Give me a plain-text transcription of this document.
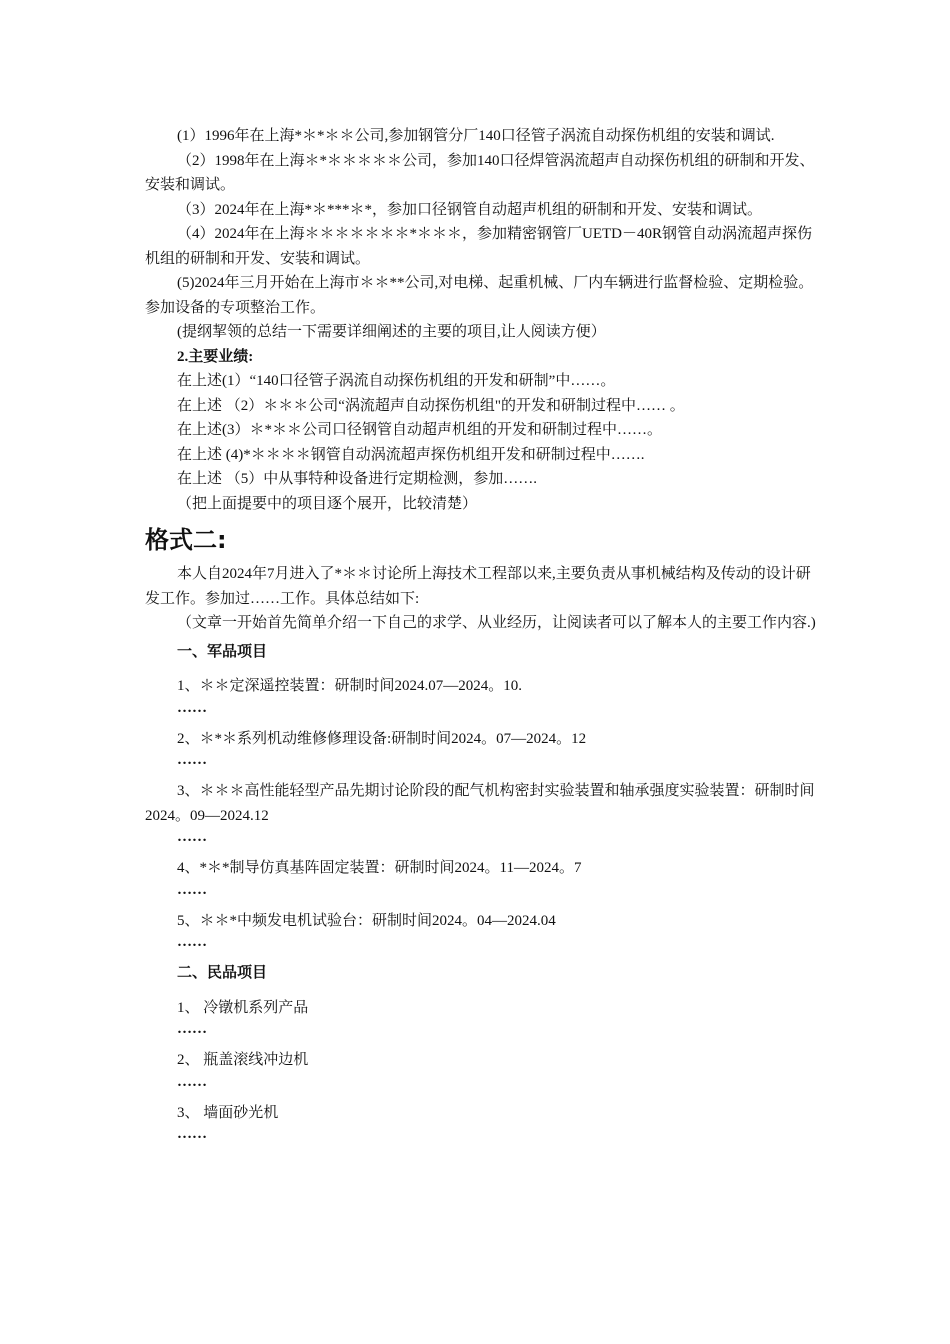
(1）1996年在上海*＊*＊＊公司,参加钢管分厂140口径管子涡流自动探伤机组的安装和调试.

（2）1998年在上海＊*＊＊＊＊＊公司，参加140口径焊管涡流超声自动探伤机组的研制和开发、安装和调试。

（3）2024年在上海*＊***＊*，参加口径钢管自动超声机组的研制和开发、安装和调试。

（4）2024年在上海＊＊＊＊＊＊＊*＊＊＊，参加精密钢管厂UETD－40R钢管自动涡流超声探伤机组的研制和开发、安装和调试。

(5)2024年三月开始在上海市＊＊**公司,对电梯、起重机械、厂内车辆进行监督检验、定期检验。参加设备的专项整治工作。

(提纲挈领的总结一下需要详细阐述的主要的项目,让人阅读方便）

2.主要业绩:

在上述(1）“140口径管子涡流自动探伤机组的开发和研制”中……。

在上述 （2）＊＊＊公司“涡流超声自动探伤机组"的开发和研制过程中…… 。

在上述(3）＊*＊＊公司口径钢管自动超声机组的开发和研制过程中……。

在上述 (4)*＊＊＊＊钢管自动涡流超声探伤机组开发和研制过程中…….

在上述 （5）中从事特种设备进行定期检测，参加…….

（把上面提要中的项目逐个展开，比较清楚）

格式二:

本人自2024年7月进入了*＊＊讨论所上海技术工程部以来,主要负责从事机械结构及传动的设计研发工作。参加过……工作。具体总结如下:

（文章一开始首先简单介绍一下自己的求学、从业经历，让阅读者可以了解本人的主要工作内容.)

一、军品项目

1、＊＊定深遥控装置：研制时间2024.07—2024。10.

……

2、＊*＊系列机动维修修理设备:研制时间2024。07—2024。12

……

3、＊＊＊高性能轻型产品先期讨论阶段的配气机构密封实验装置和轴承强度实验装置：研制时间2024。09—2024.12

……

4、*＊*制导仿真基阵固定装置：研制时间2024。11—2024。7

……

5、＊＊*中频发电机试验台：研制时间2024。04—2024.04

……

二、民品项目

1、 冷镦机系列产品

……

2、 瓶盖滚线冲边机

……

3、 墙面砂光机

……
